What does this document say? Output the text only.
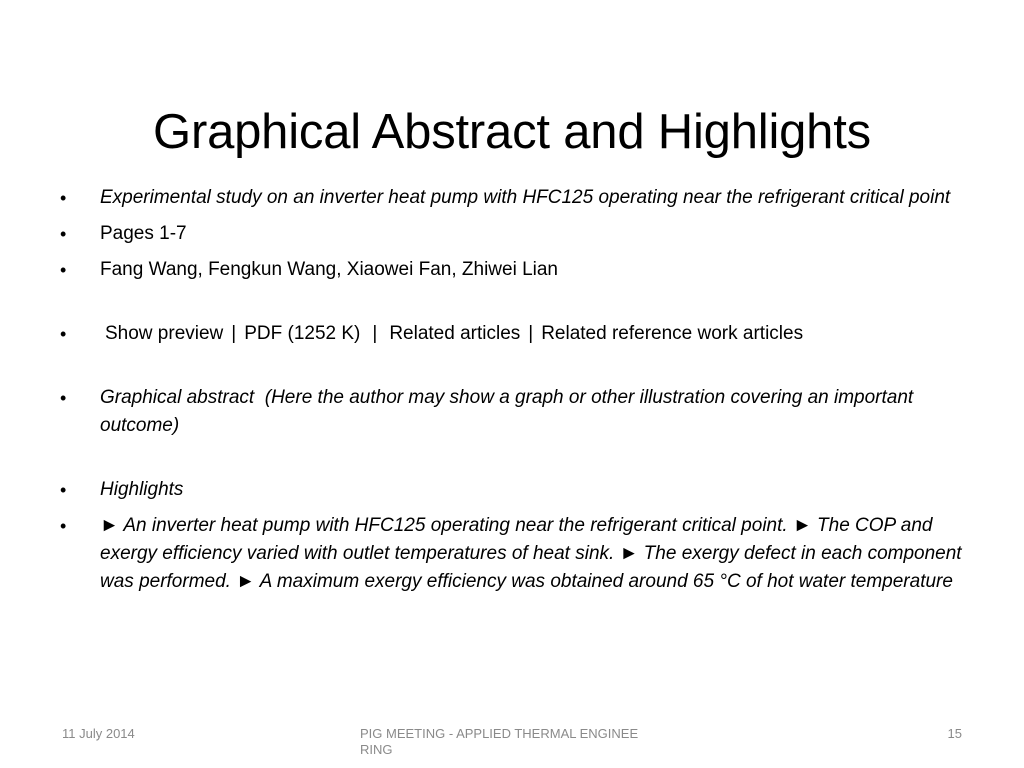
Graphical Abstract and Highlights
• Experimental study on an inverter heat pump with HFC125 operating near the refrigerant critical point
• Pages 1-7
• Fang Wang, Fengkun Wang, Xiaowei Fan, Zhiwei Lian
• Show preview | PDF (1252 K) | Related articles | Related reference work articles
• Graphical abstract (Here the author may show a graph or other illustration covering an important outcome)
• Highlights
• ► An inverter heat pump with HFC125 operating near the refrigerant critical point. ► The COP and exergy efficiency varied with outlet temperatures of heat sink. ► The exergy defect in each component was performed. ► A maximum exergy efficiency was obtained around 65 °C of hot water temperature
11 July 2014	PIG MEETING - APPLIED THERMAL ENGINEE RING
15
